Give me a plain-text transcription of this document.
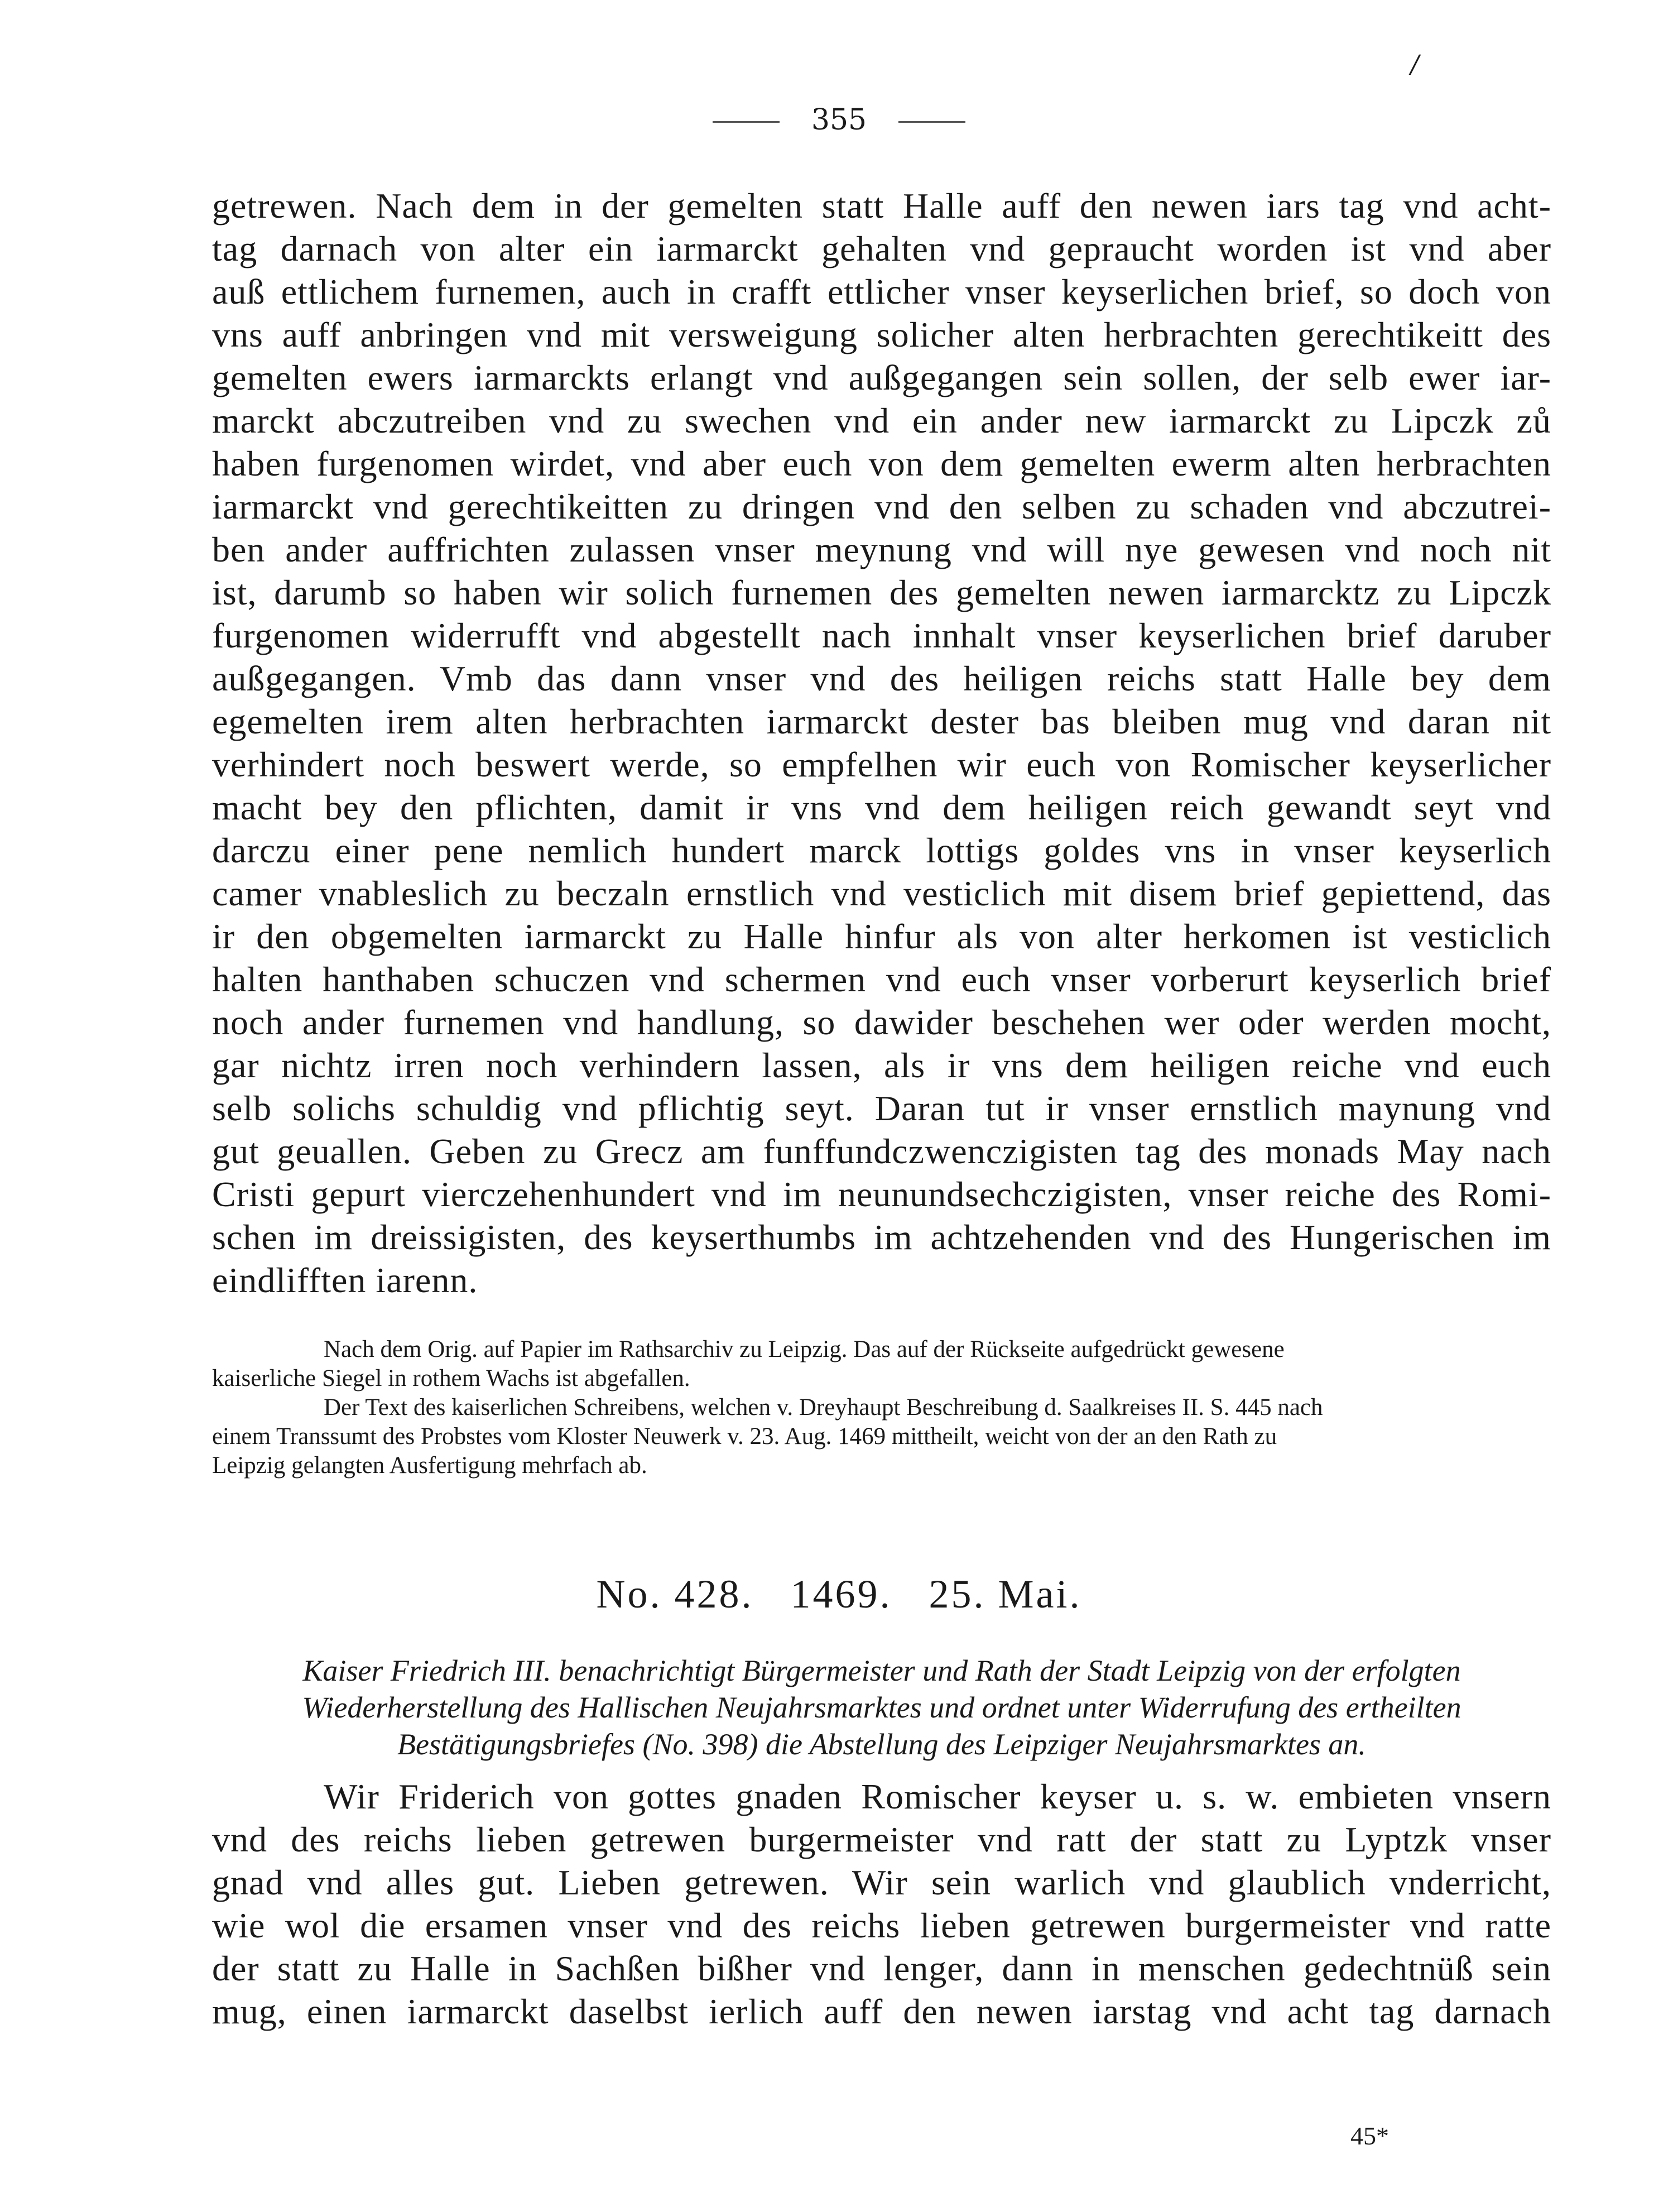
/
355
getrewen. Nach dem in der gemelten statt Halle auff den newen iars tag vnd acht-
tag darnach von alter ein iarmarckt gehalten vnd gepraucht worden ist vnd aber
auß ettlichem furnemen, auch in crafft ettlicher vnser keyserlichen brief, so doch von
vns auff anbringen vnd mit versweigung solicher alten herbrachten gerechtikeitt des
gemelten ewers iarmarckts erlangt vnd außgegangen sein sollen, der selb ewer iar-
marckt abczutreiben vnd zu swechen vnd ein ander new iarmarckt zu Lipczk zů
haben furgenomen wirdet, vnd aber euch von dem gemelten ewerm alten herbrachten
iarmarckt vnd gerechtikeitten zu dringen vnd den selben zu schaden vnd abczutrei-
ben ander auffrichten zulassen vnser meynung vnd will nye gewesen vnd noch nit
ist, darumb so haben wir solich furnemen des gemelten newen iarmarcktz zu Lipczk
furgenomen widerrufft vnd abgestellt nach innhalt vnser keyserlichen brief daruber
außgegangen. Vmb das dann vnser vnd des heiligen reichs statt Halle bey dem
egemelten irem alten herbrachten iarmarckt dester bas bleiben mug vnd daran nit
verhindert noch beswert werde, so empfelhen wir euch von Romischer keyserlicher
macht bey den pflichten, damit ir vns vnd dem heiligen reich gewandt seyt vnd
darczu einer pene nemlich hundert marck lottigs goldes vns in vnser keyserlich
camer vnableslich zu beczaln ernstlich vnd vesticlich mit disem brief gepiettend, das
ir den obgemelten iarmarckt zu Halle hinfur als von alter herkomen ist vesticlich
halten hanthaben schuczen vnd schermen vnd euch vnser vorberurt keyserlich brief
noch ander furnemen vnd handlung, so dawider beschehen wer oder werden mocht,
gar nichtz irren noch verhindern lassen, als ir vns dem heiligen reiche vnd euch
selb solichs schuldig vnd pflichtig seyt. Daran tut ir vnser ernstlich maynung vnd
gut geuallen. Geben zu Grecz am funffundczwenczigisten tag des monads May nach
Cristi gepurt vierczehenhundert vnd im neunundsechczigisten, vnser reiche des Romi-
schen im dreissigisten, des keyserthumbs im achtzehenden vnd des Hungerischen im
eindlifften iarenn.
Nach dem Orig. auf Papier im Rathsarchiv zu Leipzig. Das auf der Rückseite aufgedrückt gewesene
kaiserliche Siegel in rothem Wachs ist abgefallen.
Der Text des kaiserlichen Schreibens, welchen v. Dreyhaupt Beschreibung d. Saalkreises II. S. 445 nach
einem Transsumt des Probstes vom Kloster Neuwerk v. 23. Aug. 1469 mittheilt, weicht von der an den Rath zu
Leipzig gelangten Ausfertigung mehrfach ab.
No. 428.   1469.   25. Mai.
Kaiser Friedrich III. benachrichtigt Bürgermeister und Rath der Stadt Leipzig von der erfolgten
Wiederherstellung des Hallischen Neujahrsmarktes und ordnet unter Widerrufung des ertheilten
Bestätigungsbriefes (No. 398) die Abstellung des Leipziger Neujahrsmarktes an.
Wir Friderich von gottes gnaden Romischer keyser u. s. w. embieten vnsern
vnd des reichs lieben getrewen burgermeister vnd ratt der statt zu Lyptzk vnser
gnad vnd alles gut. Lieben getrewen. Wir sein warlich vnd glaublich vnderricht,
wie wol die ersamen vnser vnd des reichs lieben getrewen burgermeister vnd ratte
der statt zu Halle in Sachßen bißher vnd lenger, dann in menschen gedechtnüß sein
mug, einen iarmarckt daselbst ierlich auff den newen iarstag vnd acht tag darnach
45*
